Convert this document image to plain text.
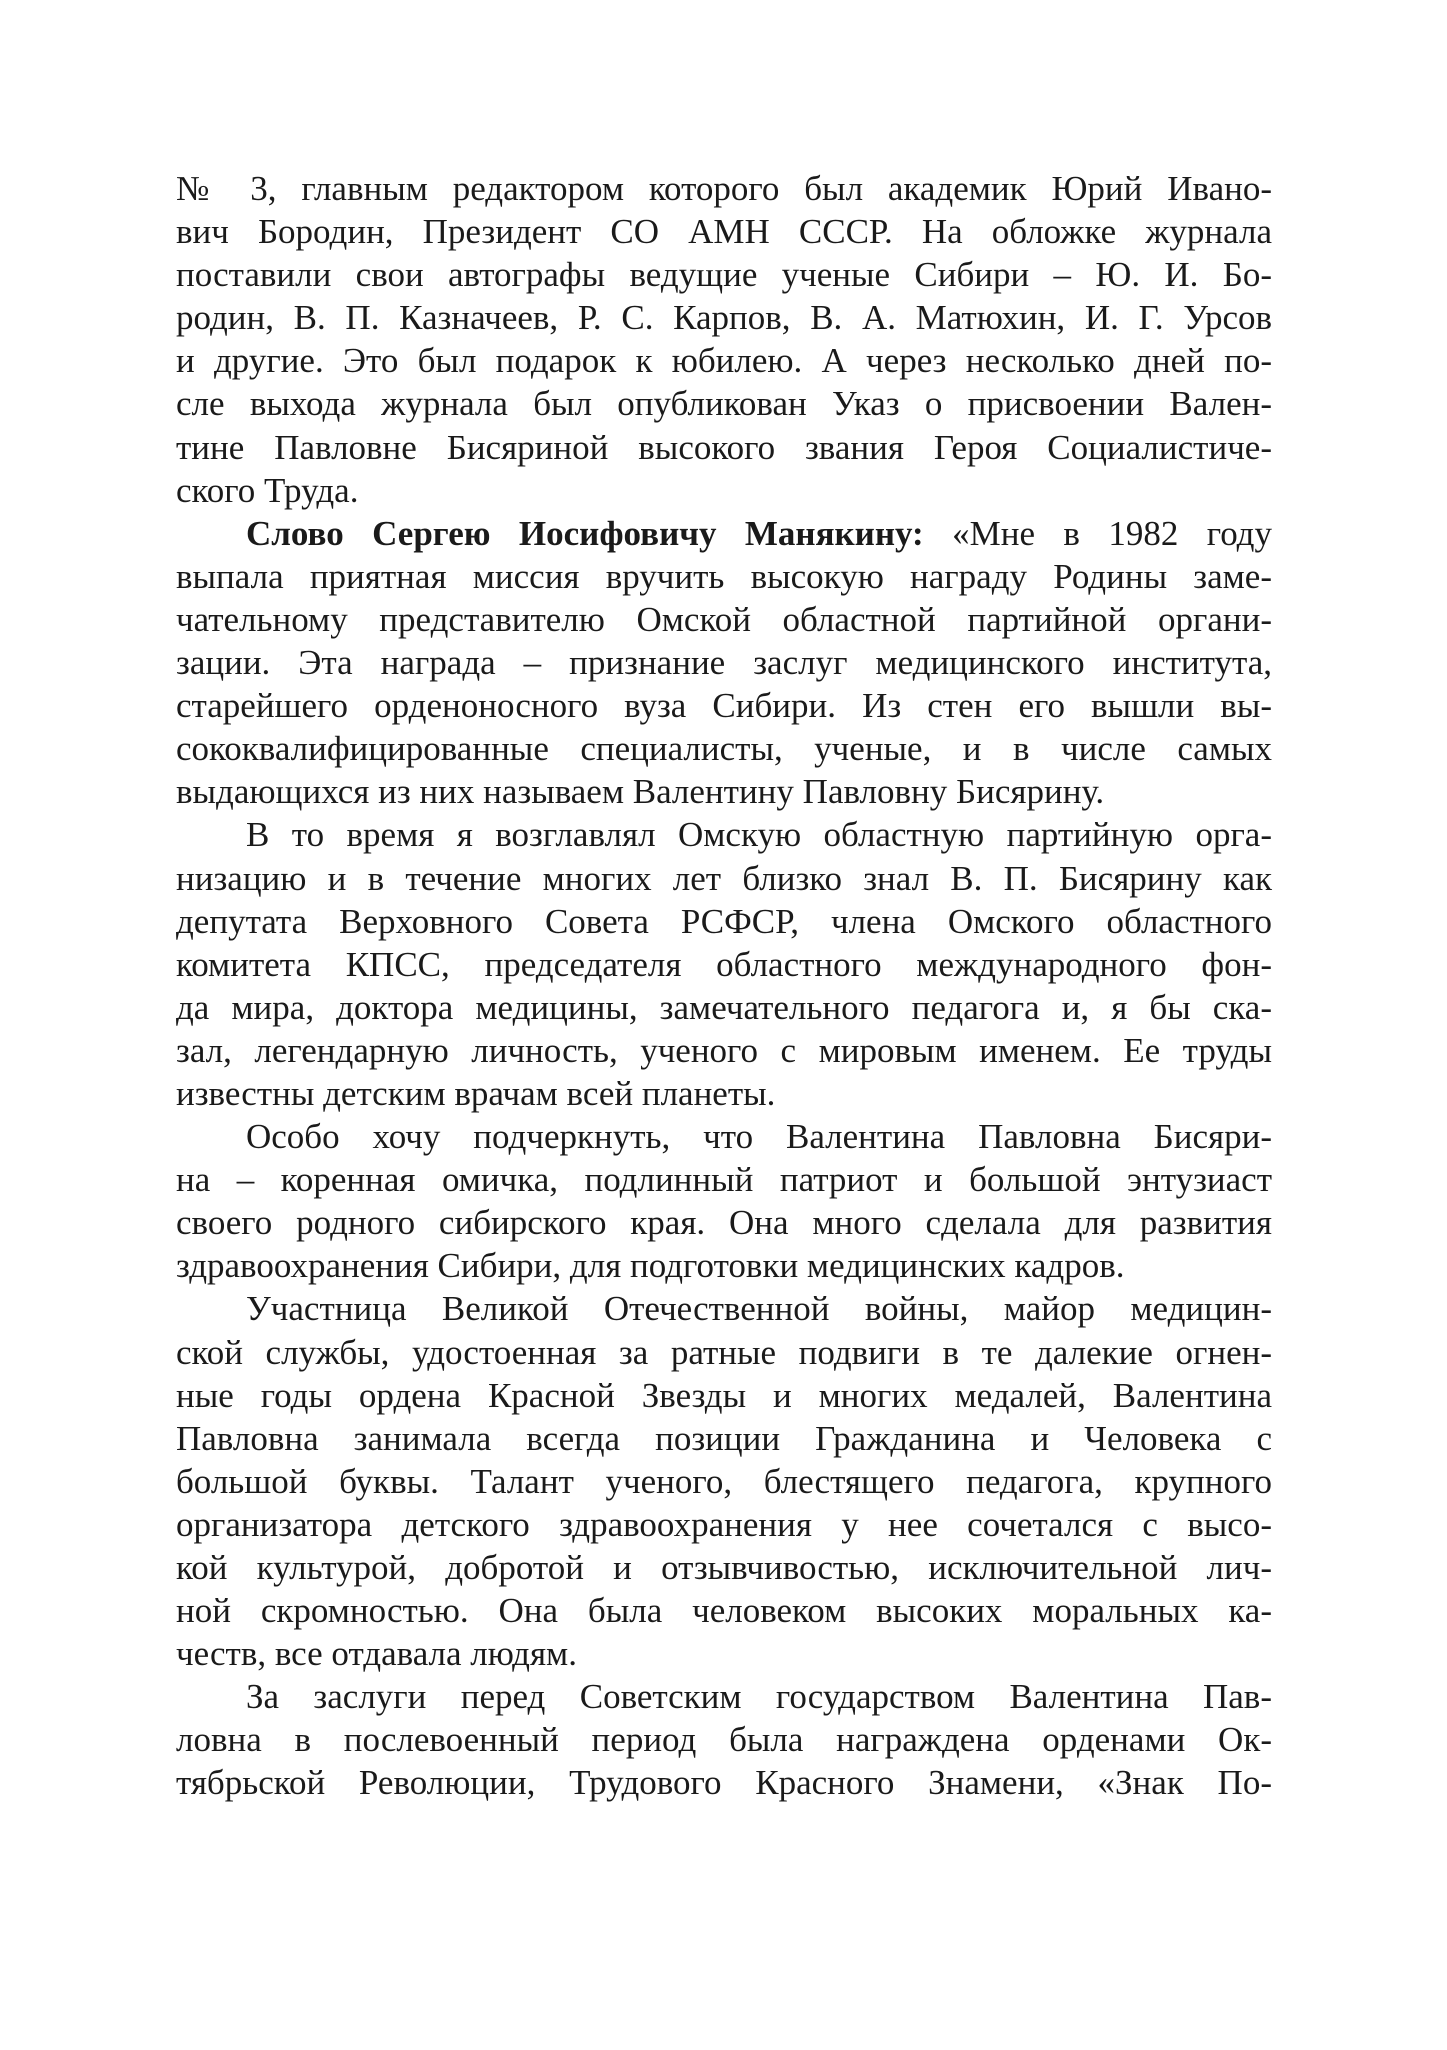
№ 3, главным редактором которого был академик Юрий Ивано-
вич Бородин, Президент СО АМН СССР. На обложке журнала
поставили свои автографы ведущие ученые Сибири – Ю. И. Бо-
родин, В. П. Казначеев, Р. С. Карпов, В. А. Матюхин, И. Г. Урсов
и другие. Это был подарок к юбилею. А через несколько дней по-
сле выхода журнала был опубликован Указ о присвоении Вален-
тине Павловне Бисяриной высокого звания Героя Социалистиче-
ского Труда.
Слово Сергею Иосифовичу Манякину: «Мне в 1982 году
выпала приятная миссия вручить высокую награду Родины заме-
чательному представителю Омской областной партийной органи-
зации. Эта награда – признание заслуг медицинского института,
старейшего орденоносного вуза Сибири. Из стен его вышли вы-
сококвалифицированные специалисты, ученые, и в числе самых
выдающихся из них называем Валентину Павловну Бисярину.
В то время я возглавлял Омскую областную партийную орга-
низацию и в течение многих лет близко знал В. П. Бисярину как
депутата Верховного Совета РСФСР, члена Омского областного
комитета КПСС, председателя областного международного фон-
да мира, доктора медицины, замечательного педагога и, я бы ска-
зал, легендарную личность, ученого с мировым именем. Ее труды
известны детским врачам всей планеты.
Особо хочу подчеркнуть, что Валентина Павловна Бисяри-
на – коренная омичка, подлинный патриот и большой энтузиаст
своего родного сибирского края. Она много сделала для развития
здравоохранения Сибири, для подготовки медицинских кадров.
Участница Великой Отечественной войны, майор медицин-
ской службы, удостоенная за ратные подвиги в те далекие огнен-
ные годы ордена Красной Звезды и многих медалей, Валентина
Павловна занимала всегда позиции Гражданина и Человека с
большой буквы. Талант ученого, блестящего педагога, крупного
организатора детского здравоохранения у нее сочетался с высо-
кой культурой, добротой и отзывчивостью, исключительной лич-
ной скромностью. Она была человеком высоких моральных ка-
честв, все отдавала людям.
За заслуги перед Советским государством Валентина Пав-
ловна в послевоенный период была награждена орденами Ок-
тябрьской Революции, Трудового Красного Знамени, «Знак По-
